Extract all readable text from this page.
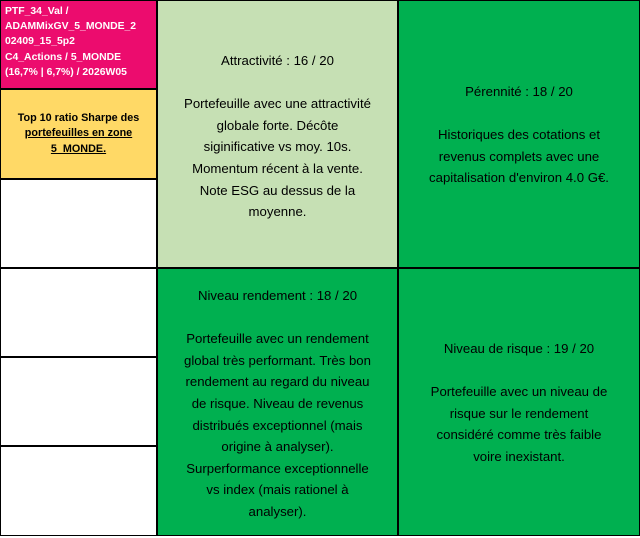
PTF_34_Val /
ADAMMixGV_5_MONDE_2
02409_15_5p2
C4_Actions / 5_MONDE
(16,7% | 6,7%) / 2026W05
Top 10 ratio Sharpe des
portefeuilles en zone
5_MONDE.
Attractivité : 16 / 20
Portefeuille avec une attractivité
globale forte. Décôte
siginificative vs moy. 10s.
Momentum récent à la vente.
Note ESG au dessus de la
moyenne.
Pérennité : 18 / 20
Historiques des cotations et
revenus complets avec une
capitalisation d'environ 4.0 G€.
Niveau rendement : 18 / 20
Portefeuille avec un rendement
global très performant. Très bon
rendement au regard du niveau
de risque. Niveau de revenus
distribués exceptionnel (mais
origine à analyser).
Surperformance exceptionnelle
vs index (mais rationel à
analyser).
Niveau de risque : 19 / 20
Portefeuille avec un niveau de
risque sur le rendement
considéré comme très faible
voire inexistant.
